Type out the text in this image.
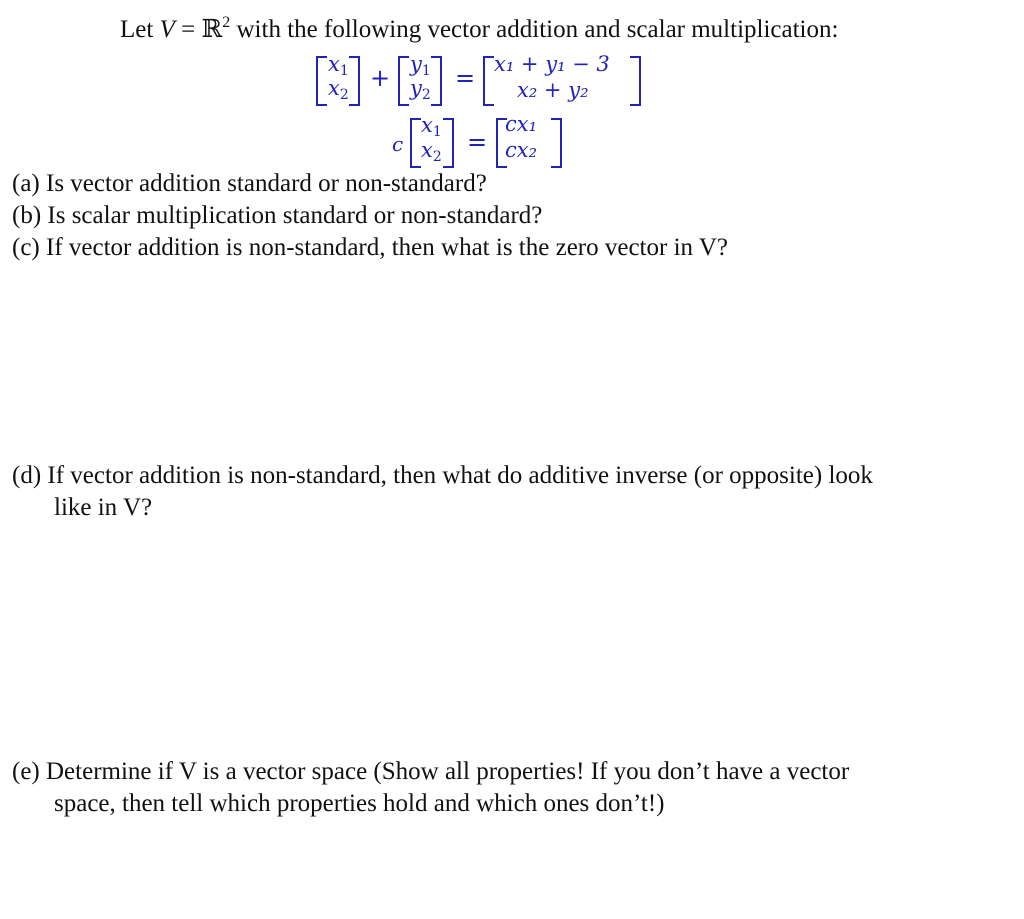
Let V = ℝ$^2$ with the following vector addition and scalar multiplication:
x1
x2
+ y1
y2
= x₁ + y₁ − 3
x₂ + y₂
c
x1
x2
=
cx₁
cx₂
(a) Is vector addition standard or non-standard?
(b) Is scalar multiplication standard or non-standard?
(c) If vector addition is non-standard, then what is the zero vector in V?
(d) If vector addition is non-standard, then what do additive inverse (or opposite) look
like in V?
(e) Determine if V is a vector space (Show all properties! If you don’t have a vector
space, then tell which properties hold and which ones don’t!)
